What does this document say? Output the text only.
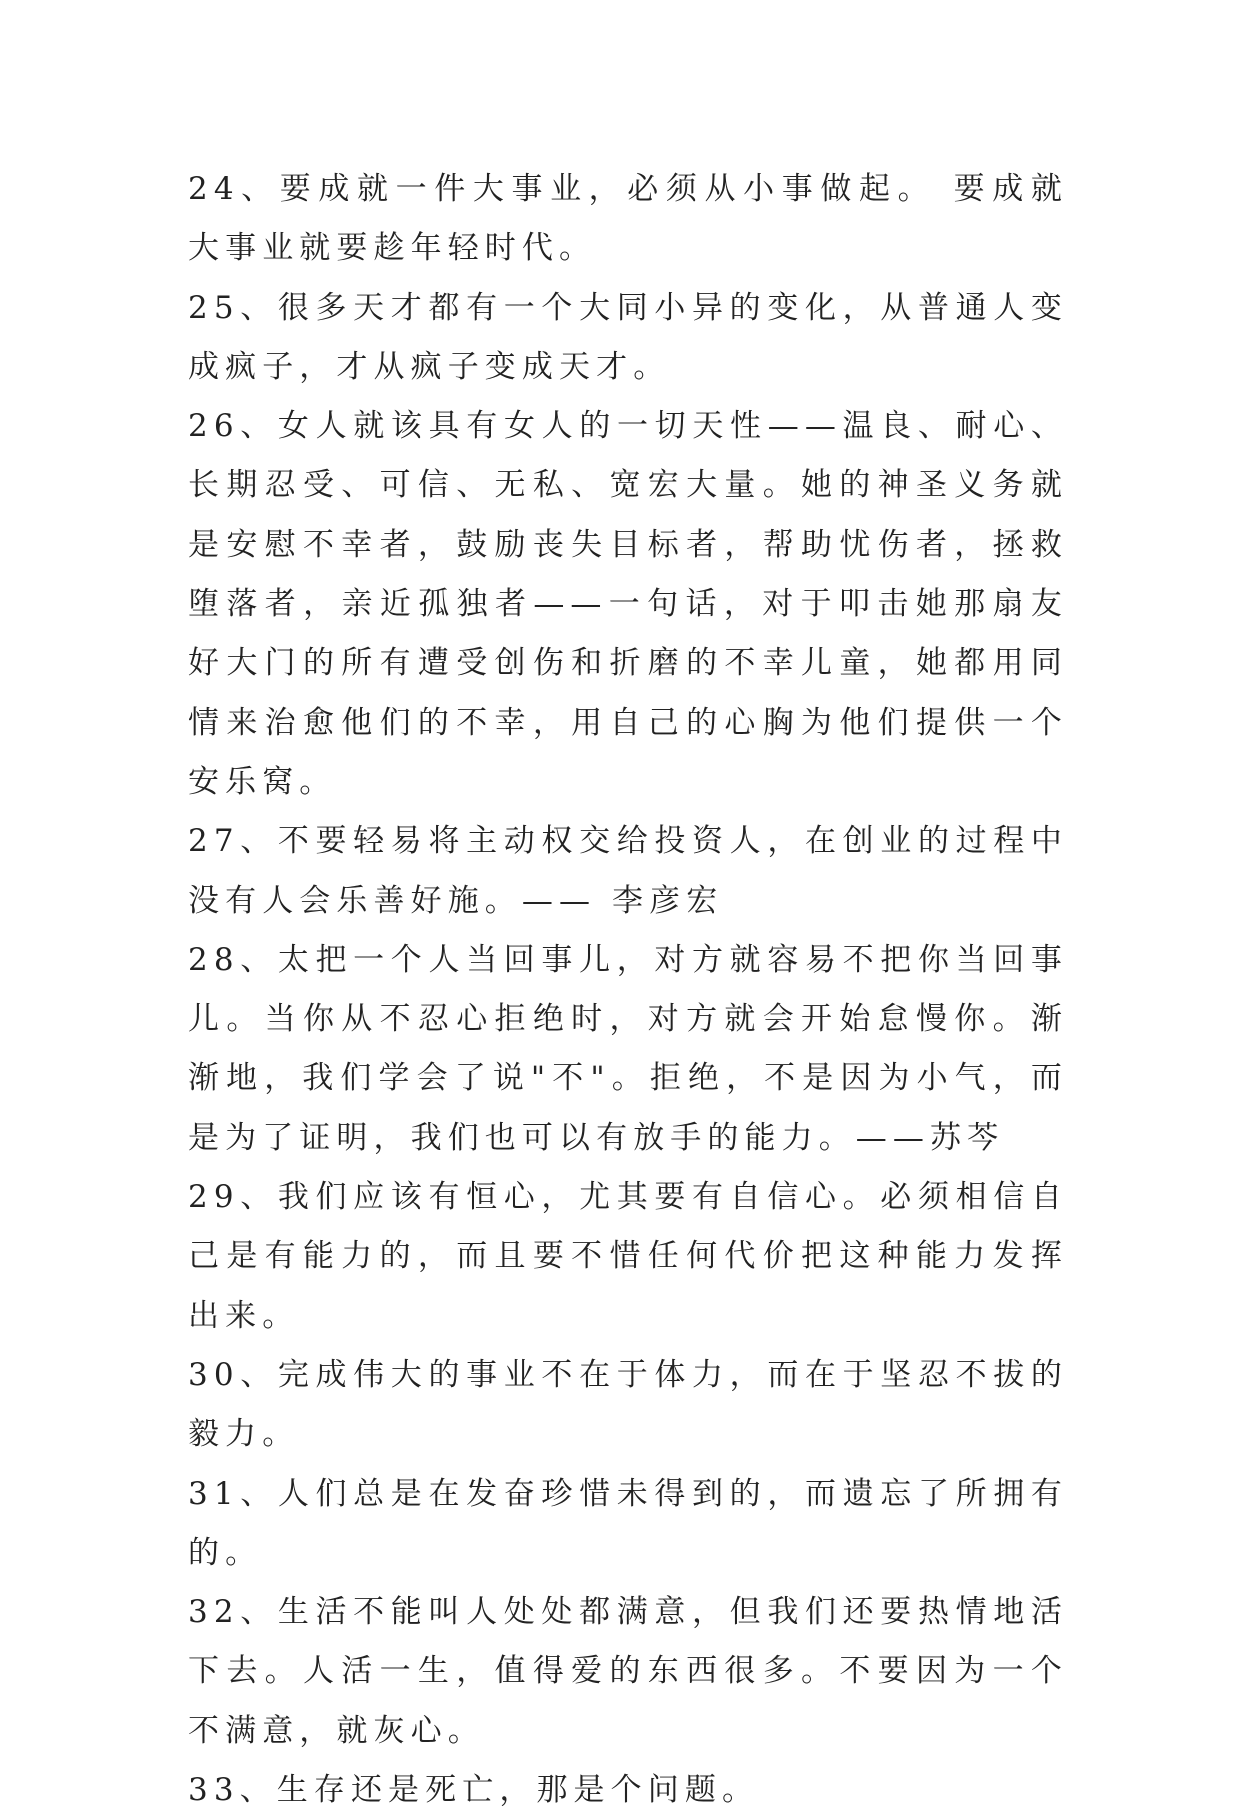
24、要成就一件大事业，必须从小事做起。 要成就大事业就要趁年轻时代。

25、很多天才都有一个大同小异的变化，从普通人变成疯子，才从疯子变成天才。

26、女人就该具有女人的一切天性——温良、耐心、长期忍受、可信、无私、宽宏大量。她的神圣义务就是安慰不幸者，鼓励丧失目标者，帮助忧伤者，拯救堕落者，亲近孤独者——一句话，对于叩击她那扇友好大门的所有遭受创伤和折磨的不幸儿童，她都用同情来治愈他们的不幸，用自己的心胸为他们提供一个安乐窝。

27、不要轻易将主动权交给投资人，在创业的过程中没有人会乐善好施。—— 李彦宏

28、太把一个人当回事儿，对方就容易不把你当回事儿。当你从不忍心拒绝时，对方就会开始怠慢你。渐渐地，我们学会了说"不"。拒绝，不是因为小气，而是为了证明，我们也可以有放手的能力。——苏芩

29、我们应该有恒心，尤其要有自信心。必须相信自己是有能力的，而且要不惜任何代价把这种能力发挥出来。

30、完成伟大的事业不在于体力，而在于坚忍不拔的毅力。

31、人们总是在发奋珍惜未得到的，而遗忘了所拥有的。

32、生活不能叫人处处都满意，但我们还要热情地活下去。人活一生，值得爱的东西很多。不要因为一个不满意，就灰心。

33、生存还是死亡，那是个问题。
